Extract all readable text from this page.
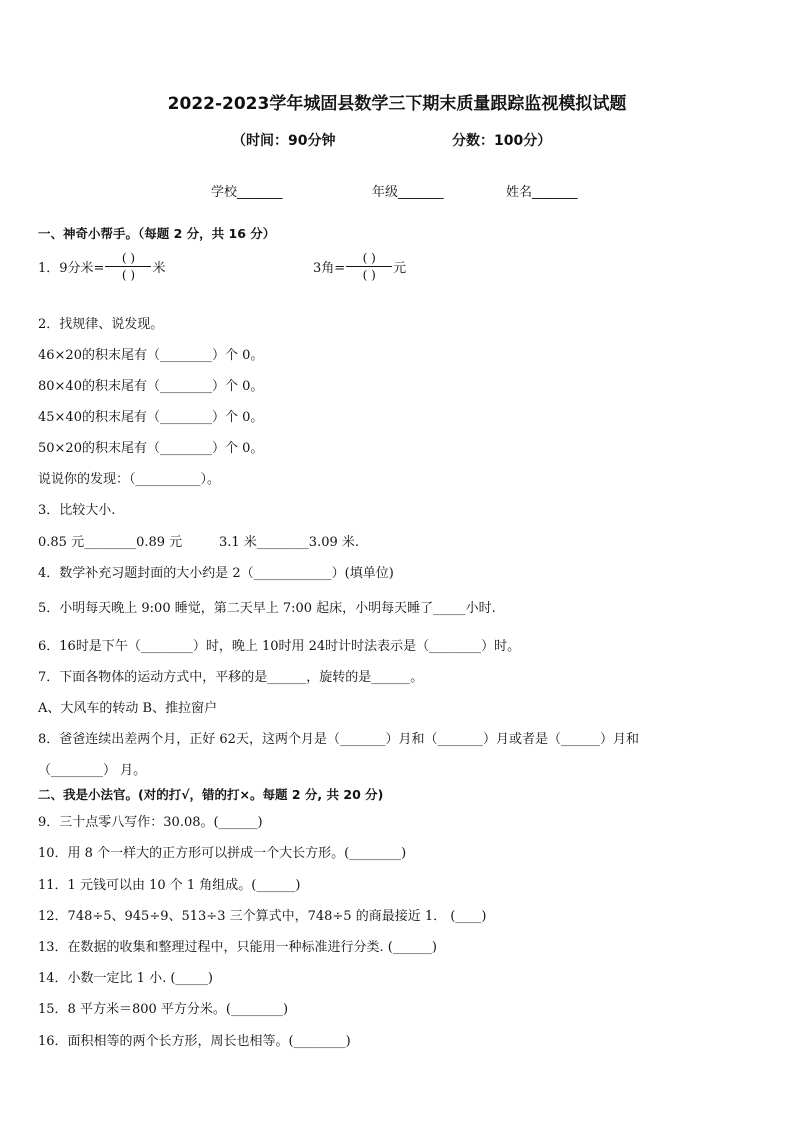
2022-2023学年城固县数学三下期末质量跟踪监视模拟试题
（时间：90分钟	分数：100分）
学校_______	年级_______	姓名_______
一、神奇小帮手。（每题 2 分，共 16 分）
1．9分米= $\frac{( )}{( )}$ 米	3角= $\frac{( )}{( )}$ 元
2．找规律、说发现。
46×20的积末尾有（________）个 0。
80×40的积末尾有（________）个 0。
45×40的积末尾有（________）个 0。
50×20的积末尾有（________）个 0。
说说你的发现：（__________）。
3．比较大小.
0.85 元________0.89 元	3.1 米________3.09 米.
4．数学补充习题封面的大小约是 2（____________）(填单位)
5．小明每天晚上 9:00 睡觉，第二天早上 7:00 起床，小明每天睡了_____小时.
6．16时是下午（________）时，晚上 10时用 24时计时法表示是（________）时。
7．下面各物体的运动方式中，平移的是______，旋转的是______。
A、大风车的转动 B、推拉窗户
8．爸爸连续出差两个月，正好 62天，这两个月是（_______）月和（_______）月或者是（______）月和
（________） 月。
二、我是小法官。(对的打√，错的打×。每题 2 分, 共 20 分)
9．三十点零八写作：30.08。(______)
10．用 8 个一样大的正方形可以拼成一个大长方形。(________)
11．1 元钱可以由 10 个 1 角组成。(______)
12．748÷5、945÷9、513÷3 三个算式中，748÷5 的商最接近 1． (____)
13．在数据的收集和整理过程中，只能用一种标准进行分类. (______)
14．小数一定比 1 小. (_____)
15．8 平方米＝800 平方分米。(________)
16．面积相等的两个长方形，周长也相等。(________)
